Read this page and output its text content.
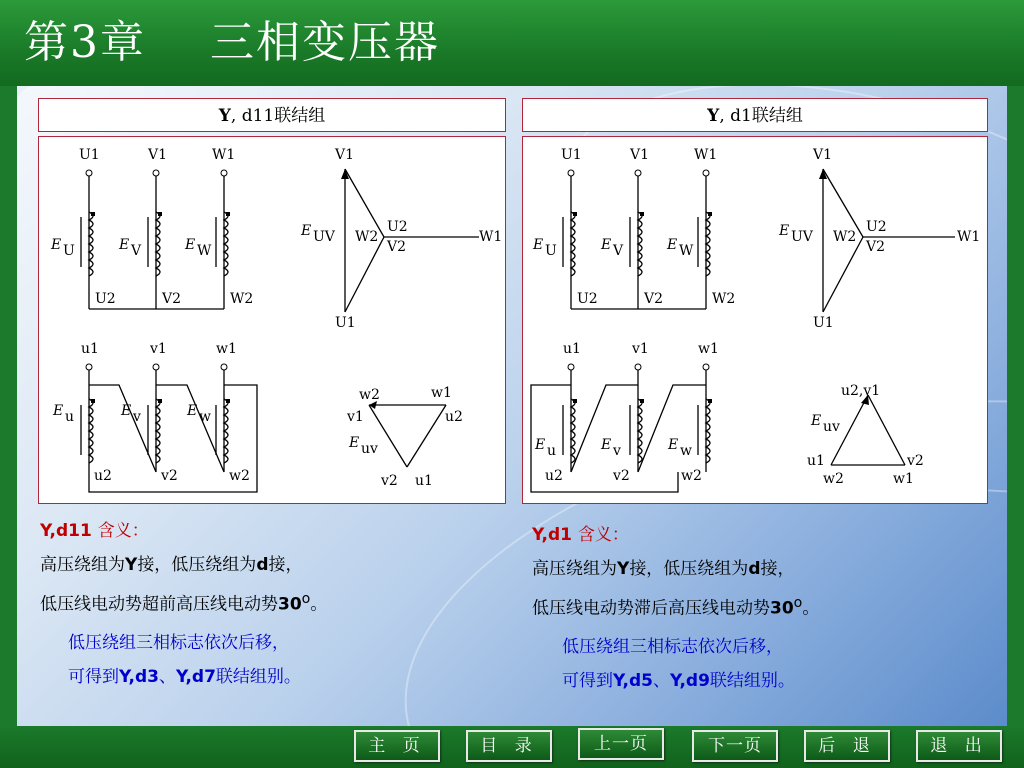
第3章    三相变压器
Y, d11联结组
U1	V1	W1
U2	V2	W2
E U	E V	E W
V1
U1
W1
U2
V2
W2
E UV
u1	v1	w1
u2	v2	w2
E u	E v	E w
w2	w1
v1	u2
v2 u1
E uv
Y, d1联结组
U1	V1	W1
U2	V2	W2
E U	E V	E W
V1
U1
W1
U2
V2
W2
E UV
u1	v1	w1
u2	v2	w2
E u	E v	E w
u2,v1
u1	v2
w2	w1
E uv
Y,d11 含义：
高压绕组为Y接，低压绕组为d接，
低压线电动势超前高压线电动势30$^o$。
低压绕组三相标志依次后移，
可得到Y,d3、Y,d7联结组别。
Y,d1 含义：
高压绕组为Y接，低压绕组为d接，
低压线电动势滞后高压线电动势30$^o$。
低压绕组三相标志依次后移，
可得到Y,d5、Y,d9联结组别。
主 页	目 录	上一页	下一页	后 退	退 出
